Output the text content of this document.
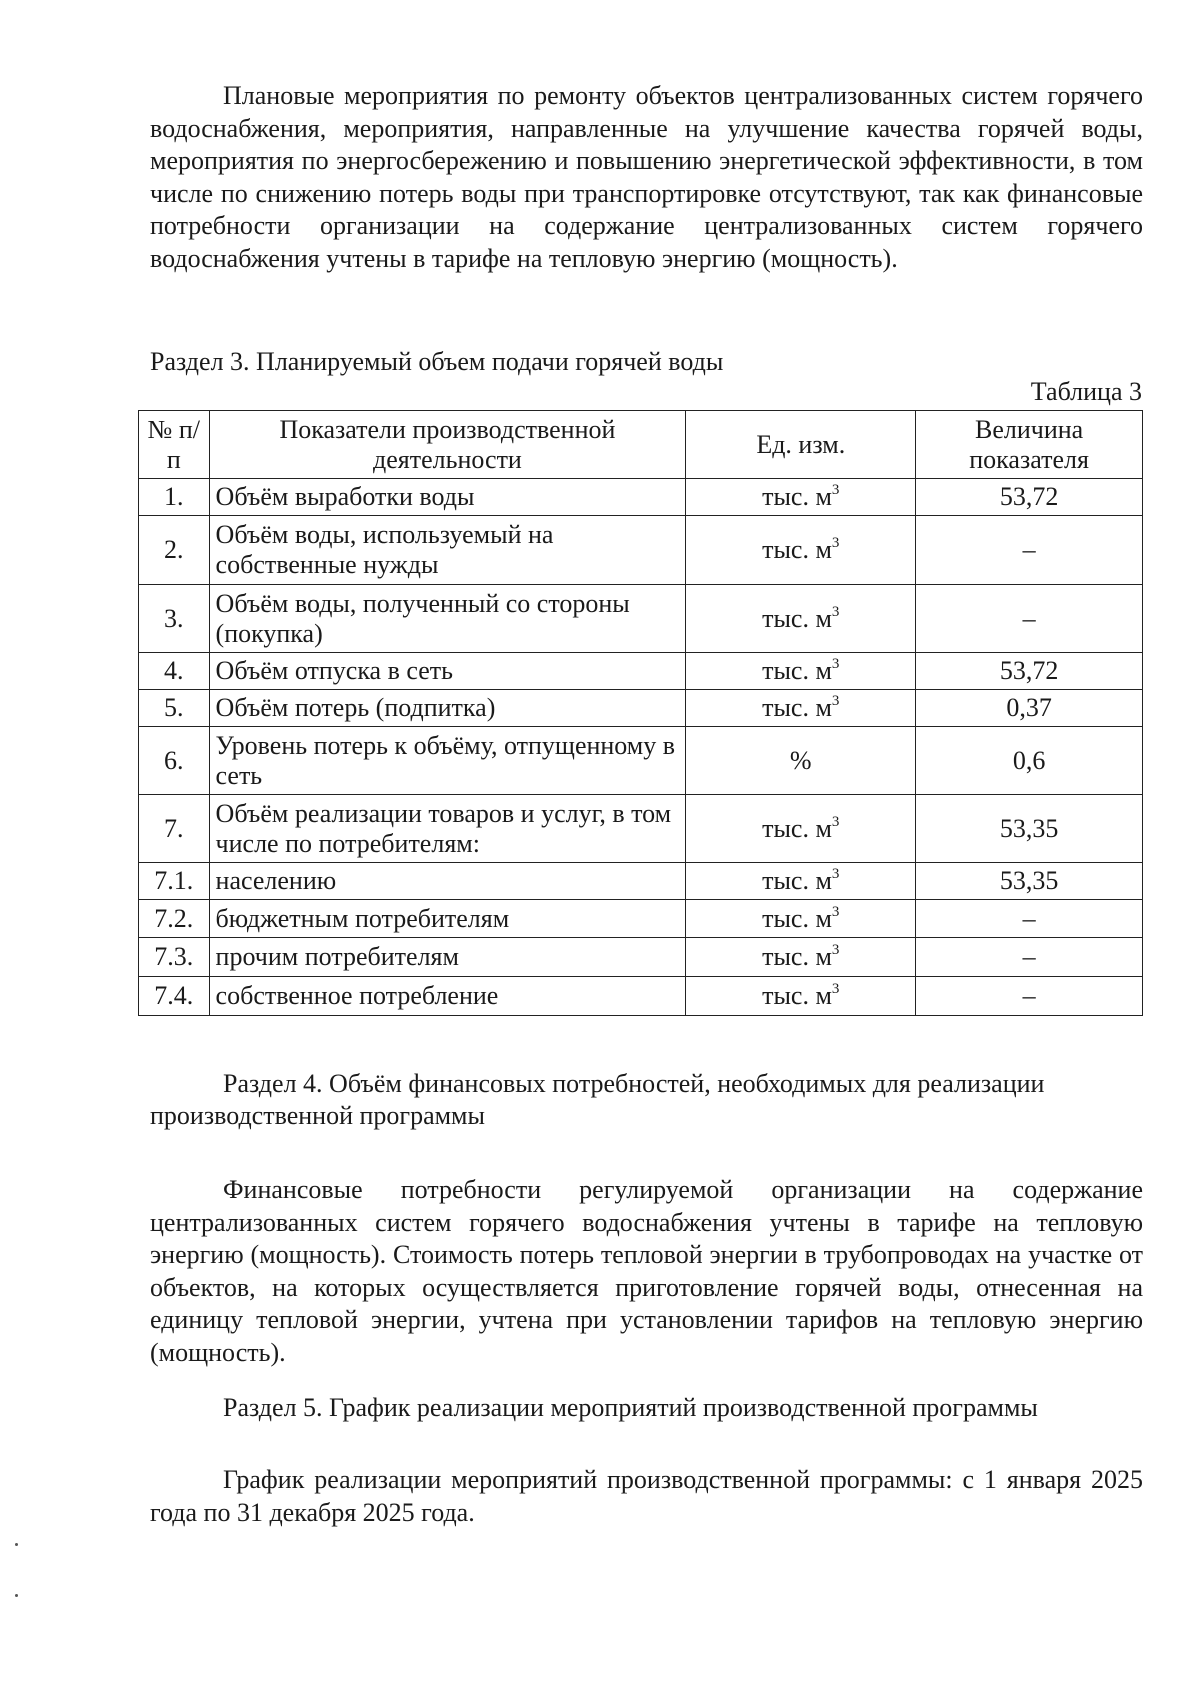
Плановые мероприятия по ремонту объектов централизованных систем горячего водоснабжения, мероприятия, направленные на улучшение качества горячей воды, мероприятия по энергосбережению и повышению энергетической эффективности, в том числе по снижению потерь воды при транспортировке отсутствуют, так как финансовые потребности организации на содержание централизованных систем горячего водоснабжения учтены в тарифе на тепловую энергию (мощность).

Раздел 3. Планируемый объем подачи горячей воды

Таблица 3

№ п/п	Показатели производственной деятельности	Ед. изм.	Величина показателя
1.	Объём выработки воды	тыс. $м^3$	53,72
2.	Объём воды, используемый на собственные нужды	тыс. $м^3$	–
3.	Объём воды, полученный со стороны (покупка)	тыс. $м^3$	–
4.	Объём отпуска в сеть	тыс. $м^3$	53,72
5.	Объём потерь (подпитка)	тыс. $м^3$	0,37
6.	Уровень потерь к объёму, отпущенному в сеть	%	0,6
7.	Объём реализации товаров и услуг, в том числе по потребителям:	тыс. $м^3$	53,35
7.1.	населению	тыс. $м^3$	53,35
7.2.	бюджетным потребителям	тыс. $м^3$	–
7.3.	прочим потребителям	тыс. $м^3$	–
7.4.	собственное потребление	тыс. $м^3$	–

Раздел 4. Объём финансовых потребностей, необходимых для реализации производственной программы

Финансовые потребности регулируемой организации на содержание централизованных систем горячего водоснабжения учтены в тарифе на тепловую энергию (мощность). Стоимость потерь тепловой энергии в трубопроводах на участке от объектов, на которых осуществляется приготовление горячей воды, отнесенная на единицу тепловой энергии, учтена при установлении тарифов на тепловую энергию (мощность).

Раздел 5. График реализации мероприятий производственной программы

График реализации мероприятий производственной программы: с 1 января 2025 года по 31 декабря 2025 года.
